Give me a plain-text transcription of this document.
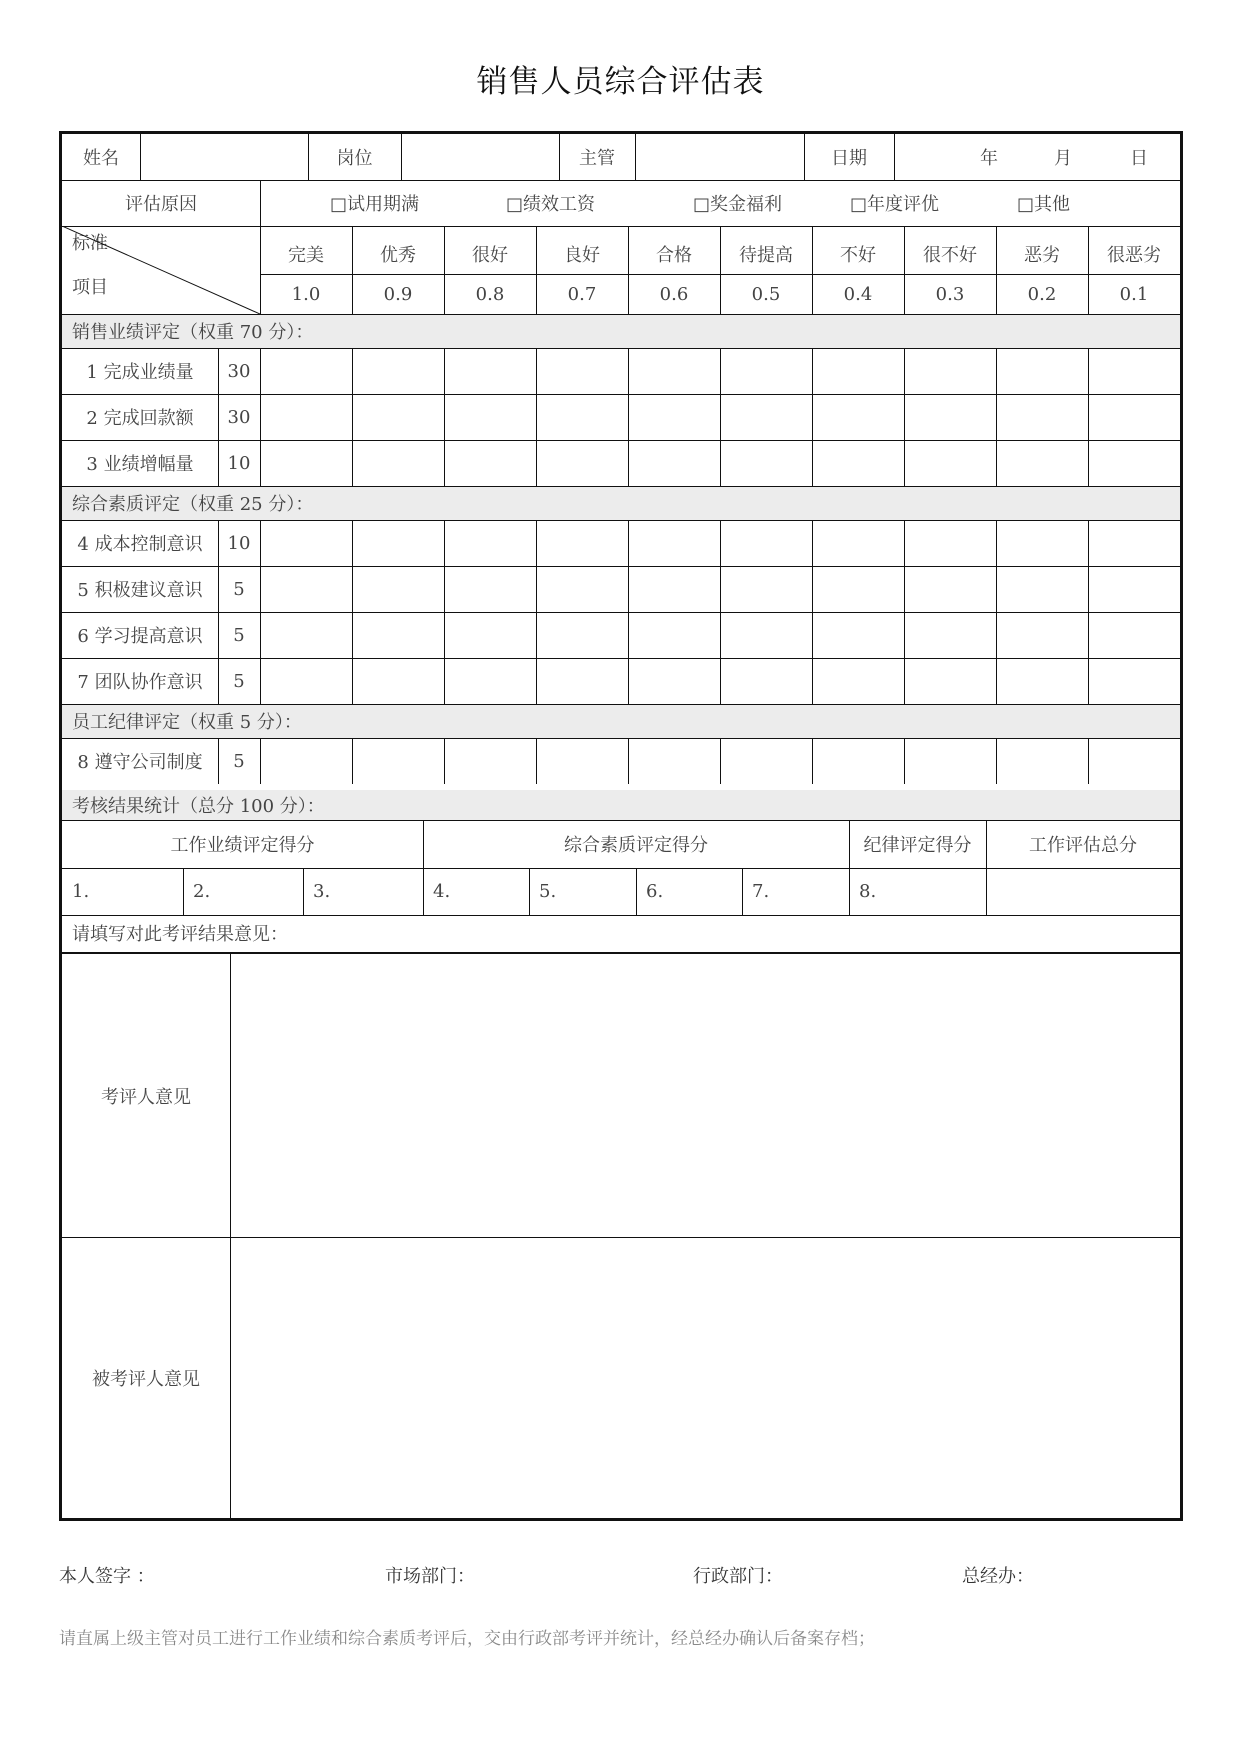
销售人员综合评估表
姓名	岗位	主管	日期	年	月	日
评估原因	□试用期满	□绩效工资	□奖金福利	□年度评优	□其他
标准
项目
完美	优秀	很好	良好	合格	待提高	不好	很不好	恶劣	很恶劣
1.0	0.9	0.8	0.7	0.6	0.5	0.4	0.3	0.2	0.1
销售业绩评定（权重 70 分）：
1 完成业绩量	30
2 完成回款额	30
3 业绩增幅量	10
综合素质评定（权重 25 分）：
4 成本控制意识	10
5 积极建议意识	5
6 学习提高意识	5
7 团队协作意识	5
员工纪律评定（权重 5 分）：
8 遵守公司制度	5
考核结果统计（总分 100 分）：
工作业绩评定得分	综合素质评定得分	纪律评定得分	工作评估总分
1.	2.	3.	4.	5.	6.	7.	8.
请填写对此考评结果意见：
考评人意见
被考评人意见
本人签字 ：	市场部门：	行政部门：	总经办：
请直属上级主管对员工进行工作业绩和综合素质考评后，交由行政部考评并统计，经总经办确认后备案存档；
